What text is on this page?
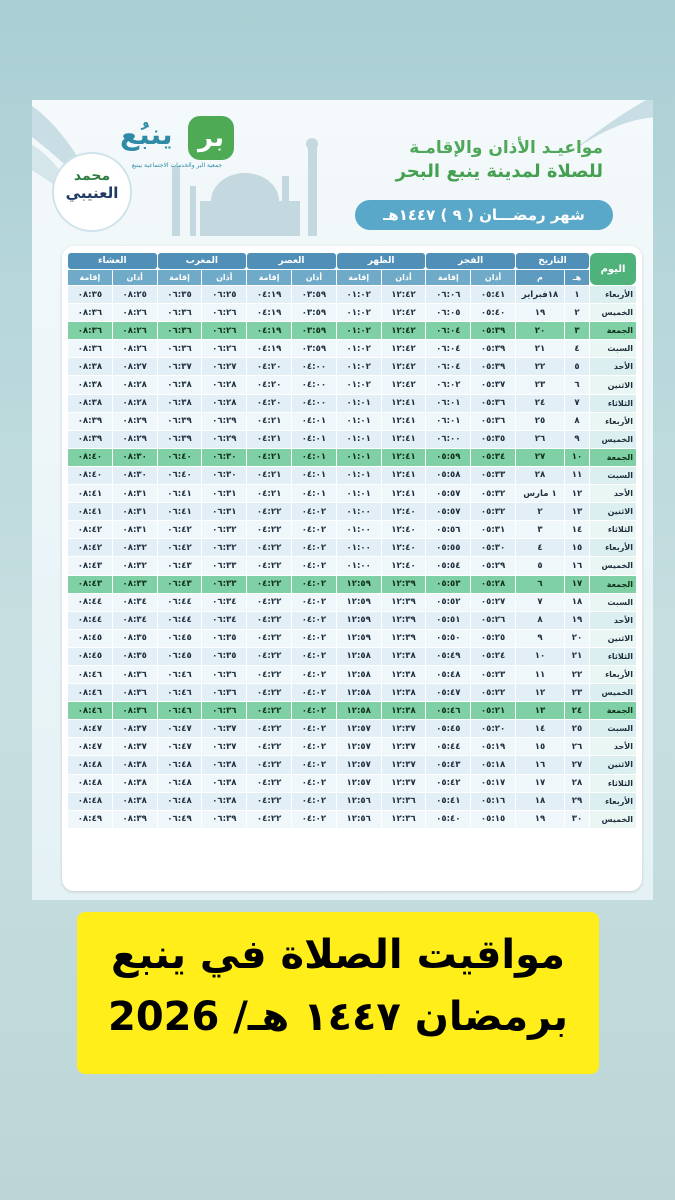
بر
ينبُع
جمعية البر والخدمات الاجتماعية بينبع
محمد
العنيبي
مواعيـد الأذان والإقامـة
للصلاة لمدينة ينبع البحر
شهر رمضـــان ( ٩ ) ١٤٤٧هـ
اليوم	التاريخ		الفجر		الظهر		العصر		المغرب		العشاء	
	هـ	م	أذان	إقامة	أذان	إقامة	أذان	إقامة	أذان	إقامة	أذان	إقامة
الأربعاء	١	١٨فبراير	٠٥:٤١	٠٦:٠٦	١٢:٤٢	٠١:٠٢	٠٣:٥٩	٠٤:١٩	٠٦:٢٥	٠٦:٣٥	٠٨:٢٥	٠٨:٣٥
الخميس	٢	١٩	٠٥:٤٠	٠٦:٠٥	١٢:٤٢	٠١:٠٢	٠٣:٥٩	٠٤:١٩	٠٦:٢٦	٠٦:٣٦	٠٨:٢٦	٠٨:٣٦
الجمعة	٣	٢٠	٠٥:٣٩	٠٦:٠٤	١٢:٤٢	٠١:٠٢	٠٣:٥٩	٠٤:١٩	٠٦:٢٦	٠٦:٣٦	٠٨:٢٦	٠٨:٣٦
السبت	٤	٢١	٠٥:٣٩	٠٦:٠٤	١٢:٤٢	٠١:٠٢	٠٣:٥٩	٠٤:١٩	٠٦:٢٦	٠٦:٣٦	٠٨:٢٦	٠٨:٣٦
الأحد	٥	٢٢	٠٥:٣٩	٠٦:٠٤	١٢:٤٢	٠١:٠٢	٠٤:٠٠	٠٤:٢٠	٠٦:٢٧	٠٦:٣٧	٠٨:٢٧	٠٨:٣٨
الاثنين	٦	٢٣	٠٥:٣٧	٠٦:٠٢	١٢:٤٢	٠١:٠٢	٠٤:٠٠	٠٤:٢٠	٠٦:٢٨	٠٦:٣٨	٠٨:٢٨	٠٨:٣٨
الثلاثاء	٧	٢٤	٠٥:٣٦	٠٦:٠١	١٢:٤١	٠١:٠١	٠٤:٠٠	٠٤:٢٠	٠٦:٢٨	٠٦:٣٨	٠٨:٢٨	٠٨:٣٨
الأربعاء	٨	٢٥	٠٥:٣٦	٠٦:٠١	١٢:٤١	٠١:٠١	٠٤:٠١	٠٤:٢١	٠٦:٢٩	٠٦:٣٩	٠٨:٢٩	٠٨:٣٩
الخميس	٩	٢٦	٠٥:٣٥	٠٦:٠٠	١٢:٤١	٠١:٠١	٠٤:٠١	٠٤:٢١	٠٦:٢٩	٠٦:٣٩	٠٨:٢٩	٠٨:٣٩
الجمعة	١٠	٢٧	٠٥:٣٤	٠٥:٥٩	١٢:٤١	٠١:٠١	٠٤:٠١	٠٤:٢١	٠٦:٣٠	٠٦:٤٠	٠٨:٣٠	٠٨:٤٠
السبت	١١	٢٨	٠٥:٣٣	٠٥:٥٨	١٢:٤١	٠١:٠١	٠٤:٠١	٠٤:٢١	٠٦:٣٠	٠٦:٤٠	٠٨:٣٠	٠٨:٤٠
الأحد	١٢	١ مارس	٠٥:٣٢	٠٥:٥٧	١٢:٤١	٠١:٠١	٠٤:٠١	٠٤:٢١	٠٦:٣١	٠٦:٤١	٠٨:٣١	٠٨:٤١
الاثنين	١٣	٢	٠٥:٣٢	٠٥:٥٧	١٢:٤٠	٠١:٠٠	٠٤:٠٢	٠٤:٢٢	٠٦:٣١	٠٦:٤١	٠٨:٣١	٠٨:٤١
الثلاثاء	١٤	٣	٠٥:٣١	٠٥:٥٦	١٢:٤٠	٠١:٠٠	٠٤:٠٢	٠٤:٢٢	٠٦:٣٢	٠٦:٤٢	٠٨:٣١	٠٨:٤٢
الأربعاء	١٥	٤	٠٥:٣٠	٠٥:٥٥	١٢:٤٠	٠١:٠٠	٠٤:٠٢	٠٤:٢٢	٠٦:٣٢	٠٦:٤٢	٠٨:٣٢	٠٨:٤٢
الخميس	١٦	٥	٠٥:٢٩	٠٥:٥٤	١٢:٤٠	٠١:٠٠	٠٤:٠٢	٠٤:٢٢	٠٦:٣٣	٠٦:٤٣	٠٨:٣٢	٠٨:٤٣
الجمعة	١٧	٦	٠٥:٢٨	٠٥:٥٣	١٢:٣٩	١٢:٥٩	٠٤:٠٢	٠٤:٢٢	٠٦:٣٣	٠٦:٤٣	٠٨:٣٣	٠٨:٤٣
السبت	١٨	٧	٠٥:٢٧	٠٥:٥٢	١٢:٣٩	١٢:٥٩	٠٤:٠٢	٠٤:٢٢	٠٦:٣٤	٠٦:٤٤	٠٨:٣٤	٠٨:٤٤
الأحد	١٩	٨	٠٥:٢٦	٠٥:٥١	١٢:٣٩	١٢:٥٩	٠٤:٠٢	٠٤:٢٢	٠٦:٣٤	٠٦:٤٤	٠٨:٣٤	٠٨:٤٤
الاثنين	٢٠	٩	٠٥:٢٥	٠٥:٥٠	١٢:٣٩	١٢:٥٩	٠٤:٠٢	٠٤:٢٢	٠٦:٣٥	٠٦:٤٥	٠٨:٣٥	٠٨:٤٥
الثلاثاء	٢١	١٠	٠٥:٢٤	٠٥:٤٩	١٢:٣٨	١٢:٥٨	٠٤:٠٢	٠٤:٢٢	٠٦:٣٥	٠٦:٤٥	٠٨:٣٥	٠٨:٤٥
الأربعاء	٢٢	١١	٠٥:٢٣	٠٥:٤٨	١٢:٣٨	١٢:٥٨	٠٤:٠٢	٠٤:٢٢	٠٦:٣٦	٠٦:٤٦	٠٨:٣٦	٠٨:٤٦
الخميس	٢٣	١٢	٠٥:٢٢	٠٥:٤٧	١٢:٣٨	١٢:٥٨	٠٤:٠٢	٠٤:٢٢	٠٦:٣٦	٠٦:٤٦	٠٨:٣٦	٠٨:٤٦
الجمعة	٢٤	١٣	٠٥:٢١	٠٥:٤٦	١٢:٣٨	١٢:٥٨	٠٤:٠٢	٠٤:٢٢	٠٦:٣٦	٠٦:٤٦	٠٨:٣٦	٠٨:٤٦
السبت	٢٥	١٤	٠٥:٢٠	٠٥:٤٥	١٢:٣٧	١٢:٥٧	٠٤:٠٢	٠٤:٢٢	٠٦:٣٧	٠٦:٤٧	٠٨:٣٧	٠٨:٤٧
الأحد	٢٦	١٥	٠٥:١٩	٠٥:٤٤	١٢:٣٧	١٢:٥٧	٠٤:٠٢	٠٤:٢٢	٠٦:٣٧	٠٦:٤٧	٠٨:٣٧	٠٨:٤٧
الاثنين	٢٧	١٦	٠٥:١٨	٠٥:٤٣	١٢:٣٧	١٢:٥٧	٠٤:٠٢	٠٤:٢٢	٠٦:٣٨	٠٦:٤٨	٠٨:٣٨	٠٨:٤٨
الثلاثاء	٢٨	١٧	٠٥:١٧	٠٥:٤٢	١٢:٣٧	١٢:٥٧	٠٤:٠٢	٠٤:٢٢	٠٦:٣٨	٠٦:٤٨	٠٨:٣٨	٠٨:٤٨
الأربعاء	٢٩	١٨	٠٥:١٦	٠٥:٤١	١٢:٣٦	١٢:٥٦	٠٤:٠٢	٠٤:٢٢	٠٦:٣٨	٠٦:٤٨	٠٨:٣٨	٠٨:٤٨
الخميس	٣٠	١٩	٠٥:١٥	٠٥:٤٠	١٢:٣٦	١٢:٥٦	٠٤:٠٢	٠٤:٢٢	٠٦:٣٩	٠٦:٤٩	٠٨:٣٩	٠٨:٤٩
مواقيت الصلاة في ينبع
برمضان ١٤٤٧ هـ/ 2026
